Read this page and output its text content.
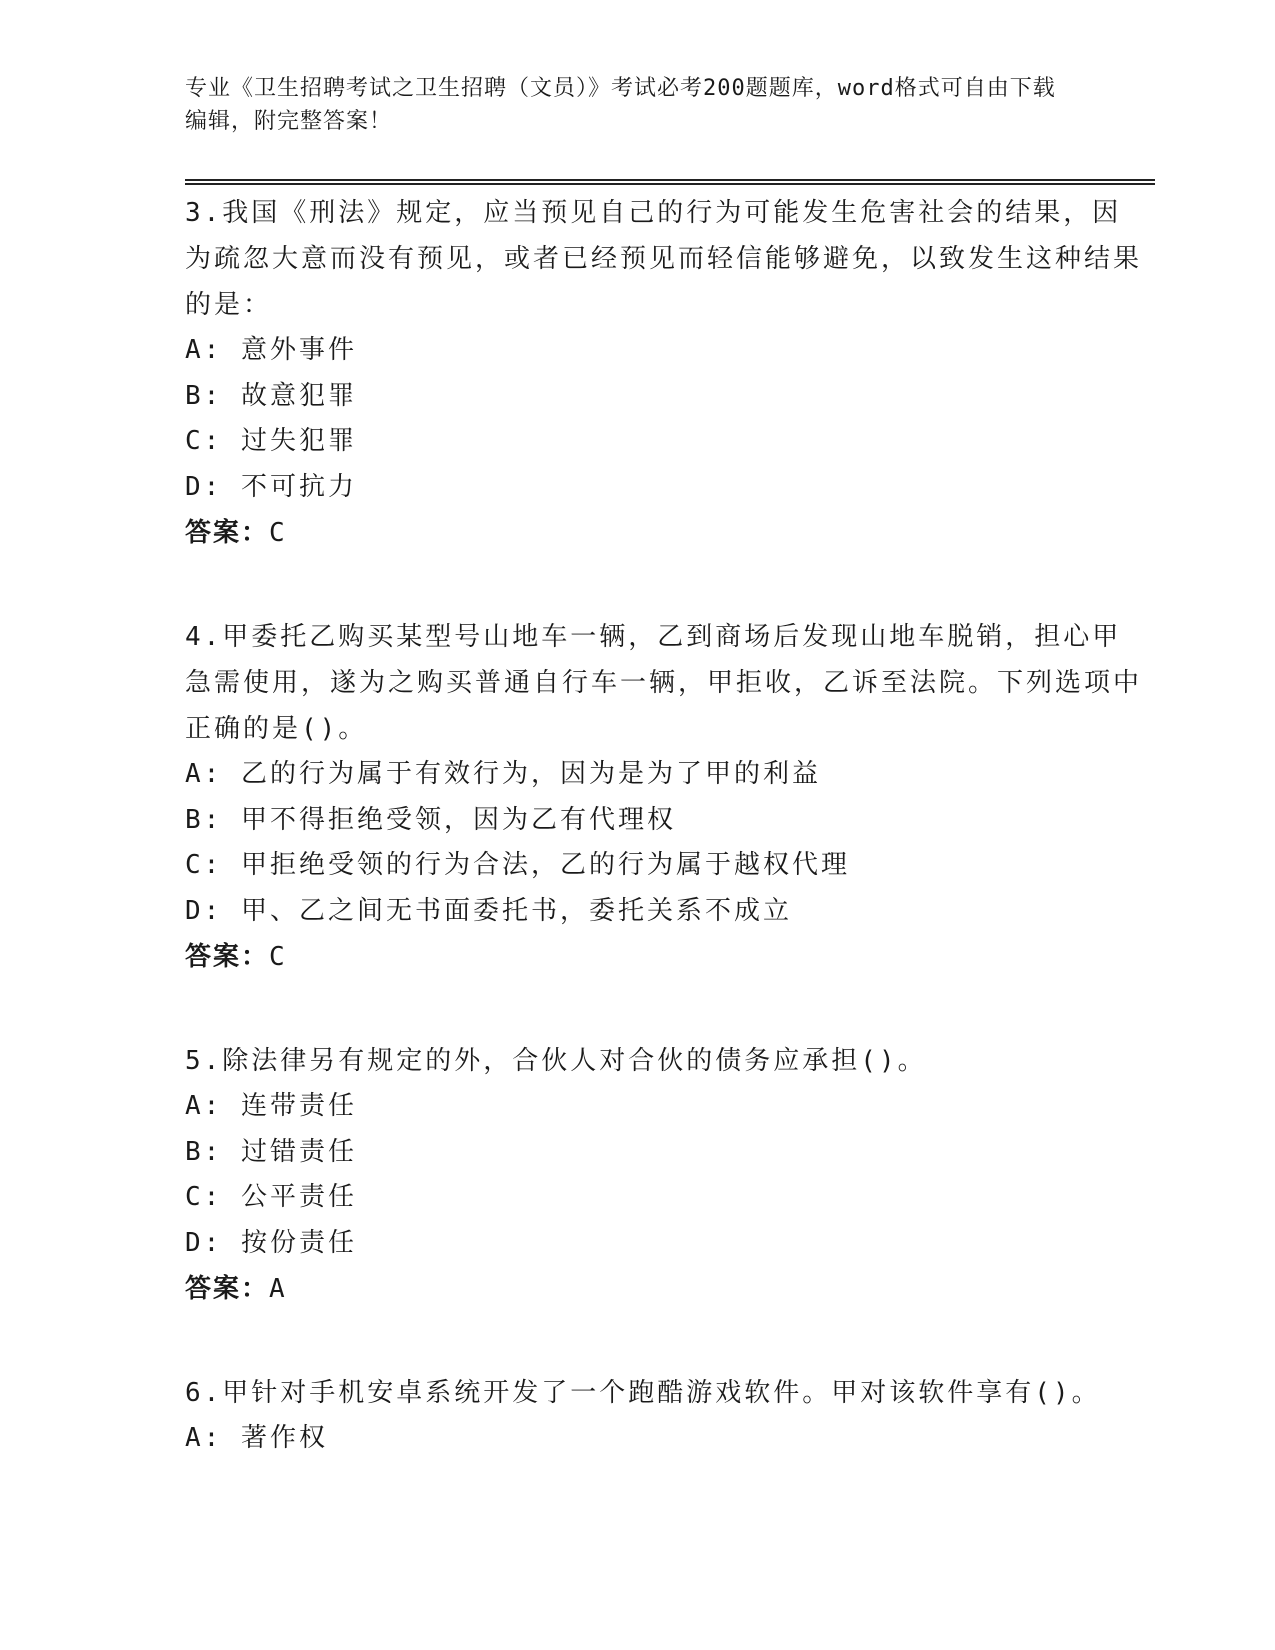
专业《卫生招聘考试之卫生招聘（文员）》考试必考200题题库，word格式可自由下载编辑，附完整答案！
3.我国《刑法》规定，应当预见自己的行为可能发生危害社会的结果，因为疏忽大意而没有预见，或者已经预见而轻信能够避免，以致发生这种结果的是：
A: 意外事件
B: 故意犯罪
C: 过失犯罪
D: 不可抗力
答案：C
4.甲委托乙购买某型号山地车一辆，乙到商场后发现山地车脱销，担心甲急需使用，遂为之购买普通自行车一辆，甲拒收，乙诉至法院。下列选项中正确的是()。
A: 乙的行为属于有效行为，因为是为了甲的利益
B: 甲不得拒绝受领，因为乙有代理权
C: 甲拒绝受领的行为合法，乙的行为属于越权代理
D: 甲、乙之间无书面委托书，委托关系不成立
答案：C
5.除法律另有规定的外，合伙人对合伙的债务应承担()。
A: 连带责任
B: 过错责任
C: 公平责任
D: 按份责任
答案：A
6.甲针对手机安卓系统开发了一个跑酷游戏软件。甲对该软件享有()。
A: 著作权
